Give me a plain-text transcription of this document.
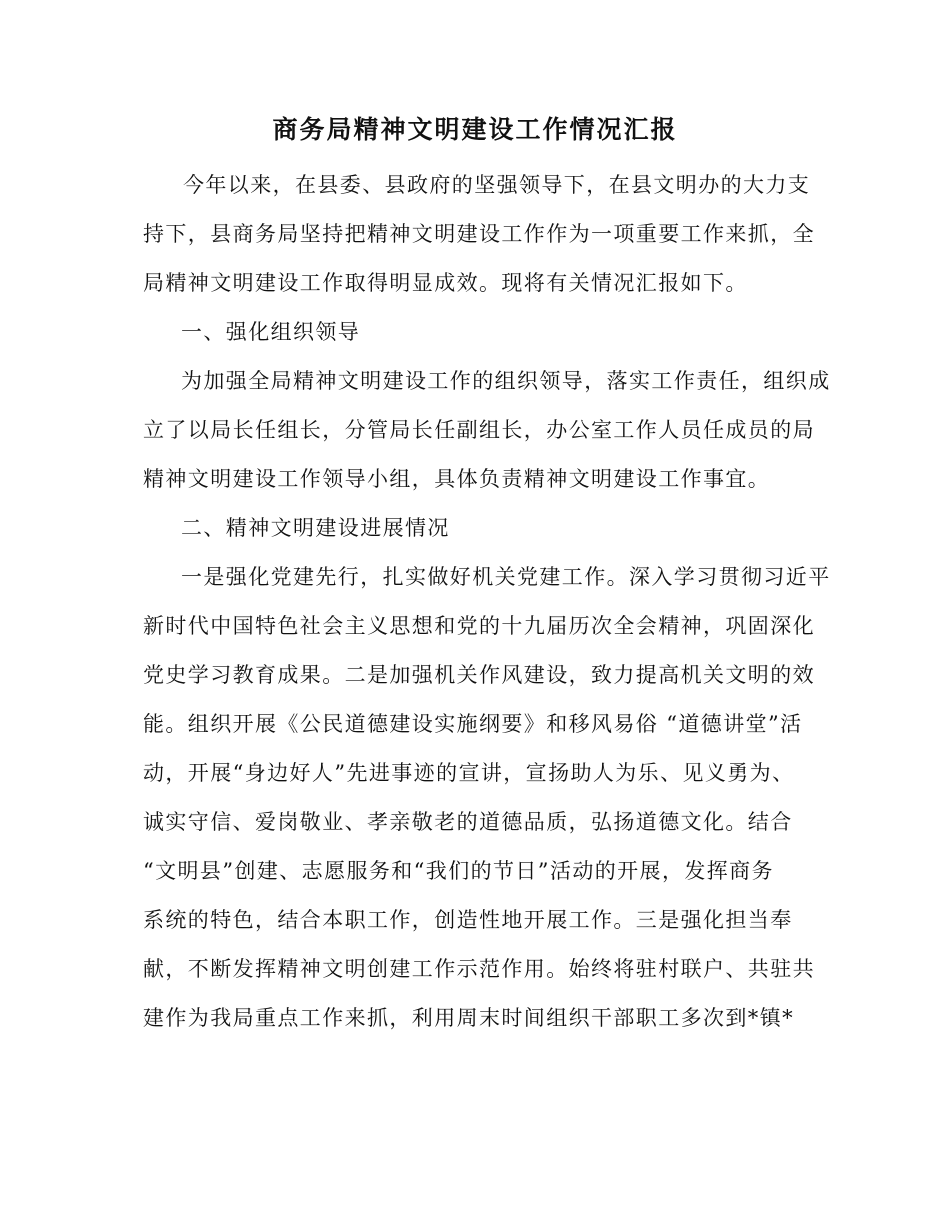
商务局精神文明建设工作情况汇报
今年以来，在县委、县政府的坚强领导下，在县文明办的大力支
持下，县商务局坚持把精神文明建设工作作为一项重要工作来抓，全
局精神文明建设工作取得明显成效。现将有关情况汇报如下。
一、强化组织领导
为加强全局精神文明建设工作的组织领导，落实工作责任，组织成
立了以局长任组长，分管局长任副组长，办公室工作人员任成员的局
精神文明建设工作领导小组，具体负责精神文明建设工作事宜。
二、精神文明建设进展情况
一是强化党建先行，扎实做好机关党建工作。深入学习贯彻习近平
新时代中国特色社会主义思想和党的十九届历次全会精神，巩固深化
党史学习教育成果。二是加强机关作风建设，致力提高机关文明的效
能。组织开展《公民道德建设实施纲要》和移风易俗 “道德讲堂”活
动，开展“身边好人”先进事迹的宣讲，宣扬助人为乐、见义勇为、
诚实守信、爱岗敬业、孝亲敬老的道德品质，弘扬道德文化。结合
“文明县”创建、志愿服务和“我们的节日”活动的开展，发挥商务
系统的特色，结合本职工作，创造性地开展工作。三是强化担当奉
献，不断发挥精神文明创建工作示范作用。始终将驻村联户、共驻共
建作为我局重点工作来抓，利用周末时间组织干部职工多次到*镇*
